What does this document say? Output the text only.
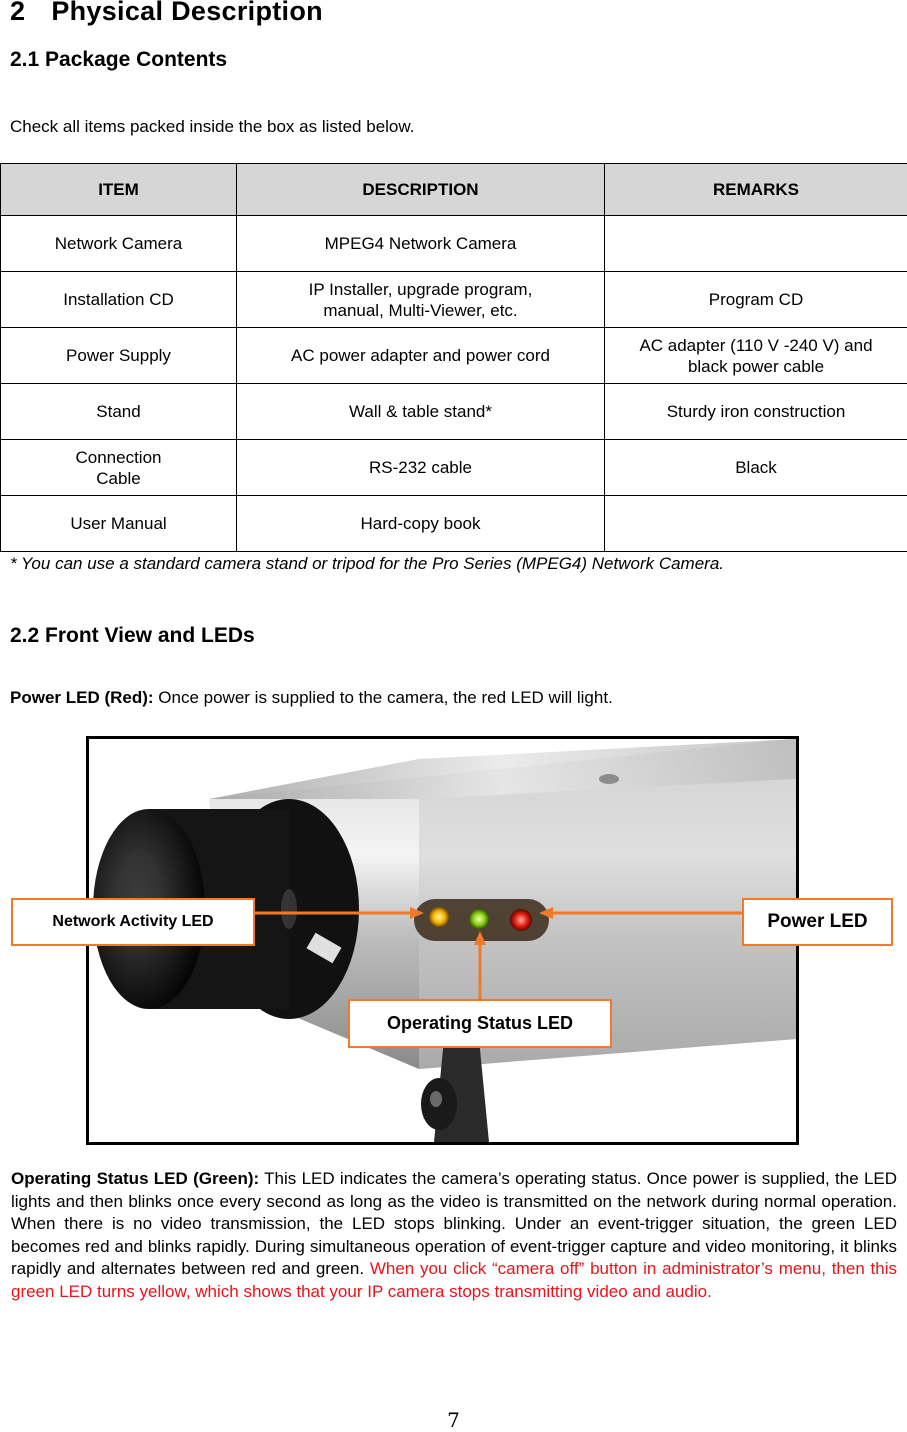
2 Physical Description
2.1 Package Contents
Check all items packed inside the box as listed below.
ITEM	DESCRIPTION	REMARKS
Network Camera	MPEG4 Network Camera	
Installation CD	IP Installer, upgrade program, manual, Multi-Viewer, etc.	Program CD
Power Supply	AC power adapter and power cord	AC adapter (110 V -240 V) and black power cable
Stand	Wall & table stand*	Sturdy iron construction
Connection Cable	RS-232 cable	Black
User Manual	Hard-copy book	
* You can use a standard camera stand or tripod for the Pro Series (MPEG4) Network Camera.
2.2 Front View and LEDs
Power LED (Red): Once power is supplied to the camera, the red LED will light.
Network Activity LED	Power LED
Operating Status LED
Operating Status LED (Green): This LED indicates the camera’s operating status. Once power is supplied, the LED lights and then blinks once every second as long as the video is transmitted on the network during normal operation. When there is no video transmission, the LED stops blinking. Under an event-trigger situation, the green LED becomes red and blinks rapidly. During simultaneous operation of event-trigger capture and video monitoring, it blinks rapidly and alternates between red and green. When you click “camera off” button in administrator’s menu, then this green LED turns yellow, which shows that your IP camera stops transmitting video and audio.
7
